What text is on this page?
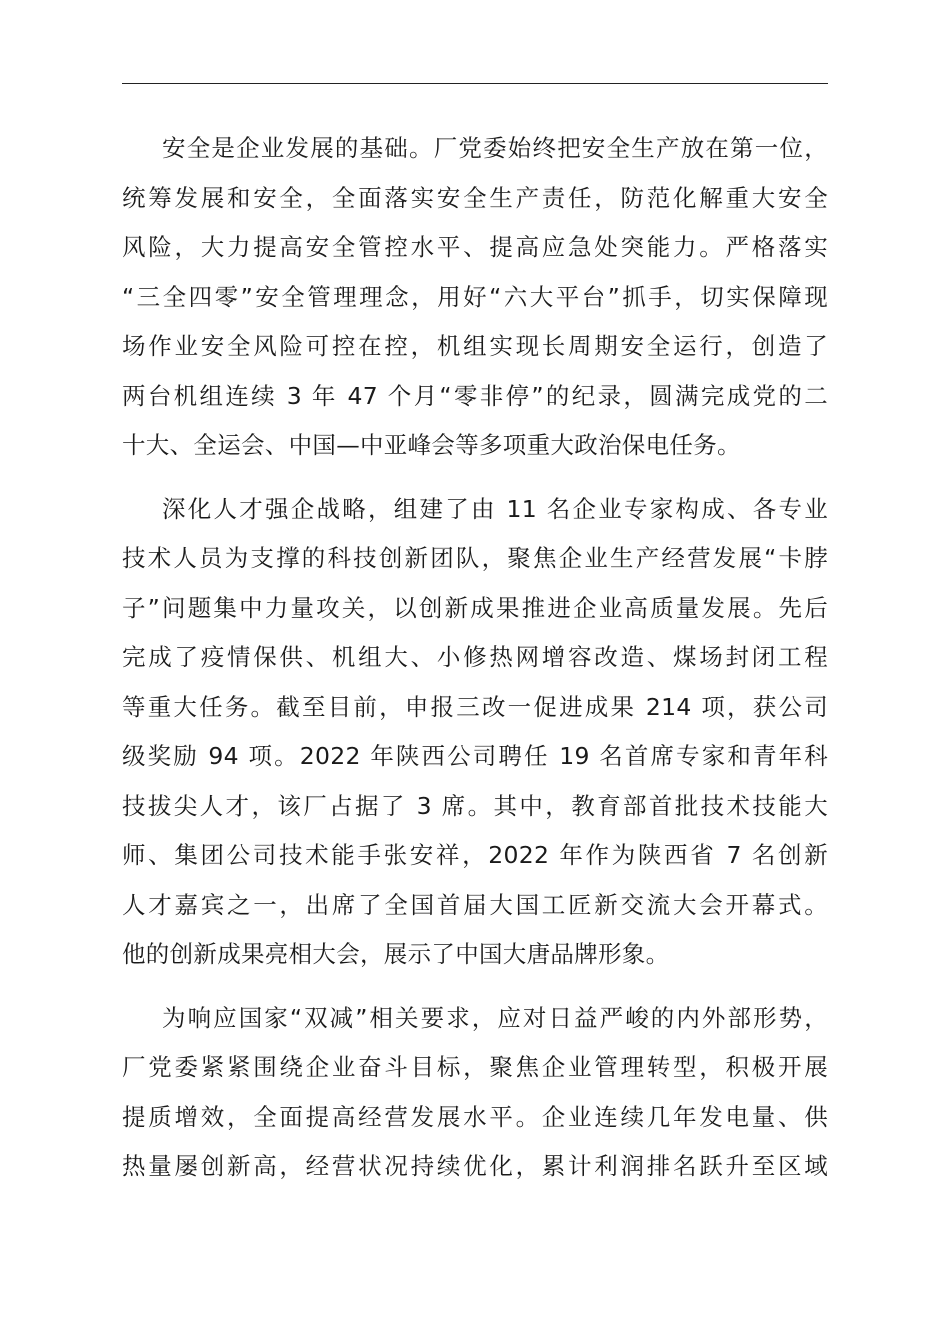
安全是企业发展的基础。厂党委始终把安全生产放在第一位，
统筹发展和安全，全面落实安全生产责任，防范化解重大安全
风险，大力提高安全管控水平、提高应急处突能力。严格落实
“三全四零”安全管理理念，用好“六大平台”抓手，切实保障现
场作业安全风险可控在控，机组实现长周期安全运行，创造了
两台机组连续 3 年 47 个月“零非停”的纪录，圆满完成党的二
十大、全运会、中国—中亚峰会等多项重大政治保电任务。

深化人才强企战略，组建了由 11 名企业专家构成、各专业
技术人员为支撑的科技创新团队，聚焦企业生产经营发展“卡脖
子”问题集中力量攻关，以创新成果推进企业高质量发展。先后
完成了疫情保供、机组大、小修热网增容改造、煤场封闭工程
等重大任务。截至目前，申报三改一促进成果 214 项，获公司
级奖励 94 项。2022 年陕西公司聘任 19 名首席专家和青年科
技拔尖人才，该厂占据了 3 席。其中，教育部首批技术技能大
师、集团公司技术能手张安祥，2022 年作为陕西省 7 名创新
人才嘉宾之一，出席了全国首届大国工匠新交流大会开幕式。
他的创新成果亮相大会，展示了中国大唐品牌形象。

为响应国家“双减”相关要求，应对日益严峻的内外部形势，
厂党委紧紧围绕企业奋斗目标，聚焦企业管理转型，积极开展
提质增效，全面提高经营发展水平。企业连续几年发电量、供
热量屡创新高，经营状况持续优化，累计利润排名跃升至区域
